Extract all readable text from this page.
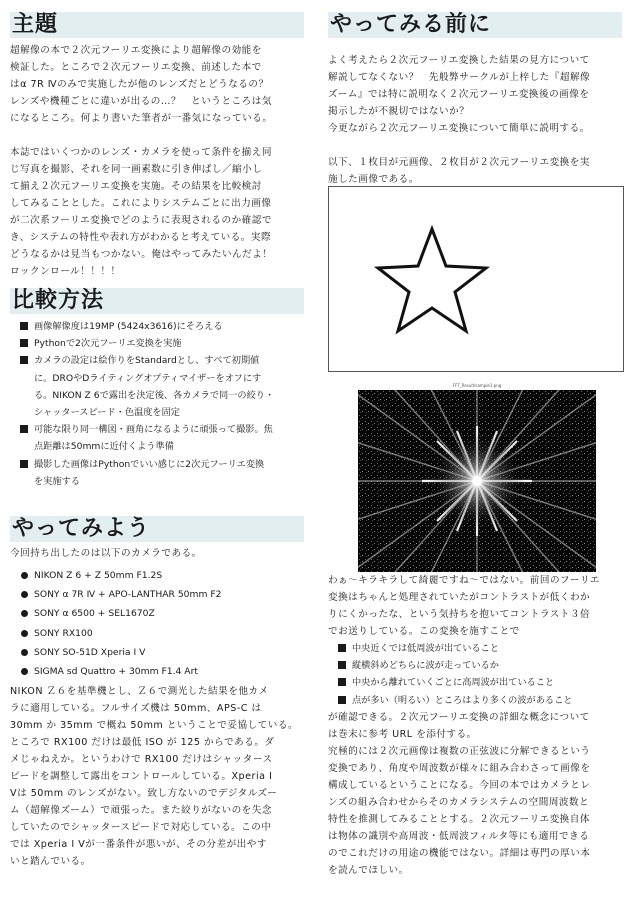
主題
超解像の本で２次元フーリエ変換により超解像の効能を
検証した。ところで２次元フーリエ変換、前述した本で
はα 7R Ⅳのみで実施したが他のレンズだとどうなるの？
レンズや機種ごとに違いが出るの…？　というところは気
になるところ。何より書いた筆者が一番気になっている。

本誌ではいくつかのレンズ・カメラを使って条件を揃え同
じ写真を撮影、それを同一画素数に引き伸ばし／縮小し
て揃え２次元フーリエ変換を実施。その結果を比較検討
してみることとした。これによりシステムごとに出力画像
が二次系フーリエ変換でどのように表現されるのか確認で
き、システムの特性や表れ方がわかると考えている。実際
どうなるかは見当もつかない。俺はやってみたいんだよ！
ロックンロール！！！！
比較方法
画像解像度は19MP (5424x3616)にそろえる
Pythonで2次元フーリエ変換を実施
カメラの設定は絵作りをStandardとし、すべて初期値
に。DROやDライティングオプティマイザーをオフにす
る。NIKON Z 6で露出を決定後、各カメラで同一の絞り・
シャッタースピード・色温度を固定
可能な限り同一構図・画角になるように頑張って撮影。焦
点距離は50mmに近付くよう準備
撮影した画像はPythonでいい感じに2次元フーリエ変換
を実施する
やってみよう
今回持ち出したのは以下のカメラである。
NIKON Z 6 + Z 50mm F1.2S
SONY α 7R Ⅳ + APO-LANTHAR 50mm F2
SONY α 6500 + SEL1670Z
SONY RX100
SONY SO-51D Xperia Ⅰ Ⅴ
SIGMA sd Quattro + 30mm F1.4 Art
NIKON Ｚ６を基準機とし、Ｚ６で測光した結果を他カメ
ラに適用している。フルサイズ機は 50mm、APS-C は
30mm か 35mm で概ね 50mm ということで妥協している。
ところで RX100 だけは最低 ISO が 125 からである。ダ
メじゃねえか。というわけで RX100 だけはシャッタース
ピードを調整して露出をコントロールしている。Xperia Ⅰ
Ⅴは 50mm のレンズがない。致し方ないのでデジタルズー
ム（超解像ズーム）で頑張った。また絞りがないのを失念
していたのでシャッタースピードで対応している。この中
では Xperia Ⅰ Ⅴが一番条件が悪いが、その分差が出やす
いと踏んでいる。
やってみる前に
よく考えたら２次元フーリエ変換した結果の見方について
解説してなくない？　先般弊サークルが上梓した『超解像
ズーム』では特に説明なく２次元フーリエ変換後の画像を
掲示したが不親切ではないか？
今更ながら２次元フーリエ変換について簡単に説明する。

以下、１枚目が元画像、２枚目が２次元フーリエ変換を実
施した画像である。
FFT_Result/sample1.png
わぁ～キラキラして綺麗ですね～ではない。前回のフーリエ
変換はちゃんと処理されていたがコントラストが低くわか
りにくかったな、という気持ちを抱いてコントラスト３倍
でお送りしている。この変換を施すことで
中央近くでは低周波が出ていること
縦横斜めどちらに波が走っているか
中央から離れていくごとに高周波が出ていること
点が多い（明るい）ところはより多くの波があること
が確認できる。２次元フーリエ変換の詳細な概念について
は巻末に参考 URL を添付する。
究極的には２次元画像は複数の正弦波に分解できるという
変換であり、角度や周波数が様々に組み合わさって画像を
構成しているということになる。今回の本ではカメラとレ
ンズの組み合わせからそのカメラシステムの空間周波数と
特性を推測してみることとする。２次元フーリエ変換自体
は物体の識別や高周波・低周波フィルタ等にも適用できる
のでこれだけの用途の機能ではない。詳細は専門の厚い本
を読んでほしい。
